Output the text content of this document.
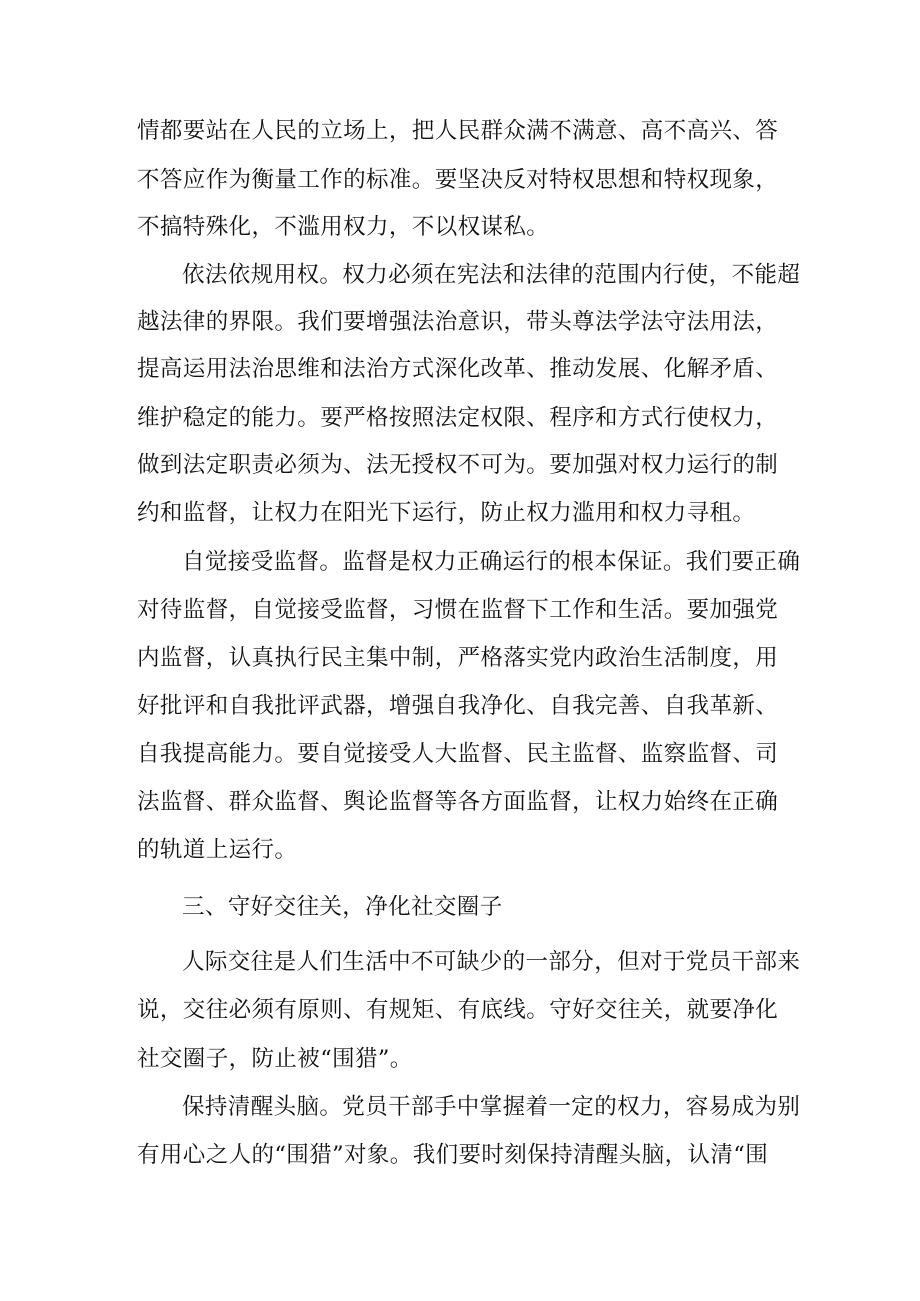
情都要站在人民的立场上，把人民群众满不满意、高不高兴、答
不答应作为衡量工作的标准。要坚决反对特权思想和特权现象，
不搞特殊化，不滥用权力，不以权谋私。
依法依规用权。权力必须在宪法和法律的范围内行使，不能超
越法律的界限。我们要增强法治意识，带头尊法学法守法用法，
提高运用法治思维和法治方式深化改革、推动发展、化解矛盾、
维护稳定的能力。要严格按照法定权限、程序和方式行使权力，
做到法定职责必须为、法无授权不可为。要加强对权力运行的制
约和监督，让权力在阳光下运行，防止权力滥用和权力寻租。
自觉接受监督。监督是权力正确运行的根本保证。我们要正确
对待监督，自觉接受监督，习惯在监督下工作和生活。要加强党
内监督，认真执行民主集中制，严格落实党内政治生活制度，用
好批评和自我批评武器，增强自我净化、自我完善、自我革新、
自我提高能力。要自觉接受人大监督、民主监督、监察监督、司
法监督、群众监督、舆论监督等各方面监督，让权力始终在正确
的轨道上运行。
三、守好交往关，净化社交圈子
人际交往是人们生活中不可缺少的一部分，但对于党员干部来
说，交往必须有原则、有规矩、有底线。守好交往关，就要净化
社交圈子，防止被“围猎”。
保持清醒头脑。党员干部手中掌握着一定的权力，容易成为别
有用心之人的“围猎”对象。我们要时刻保持清醒头脑，认清“围
